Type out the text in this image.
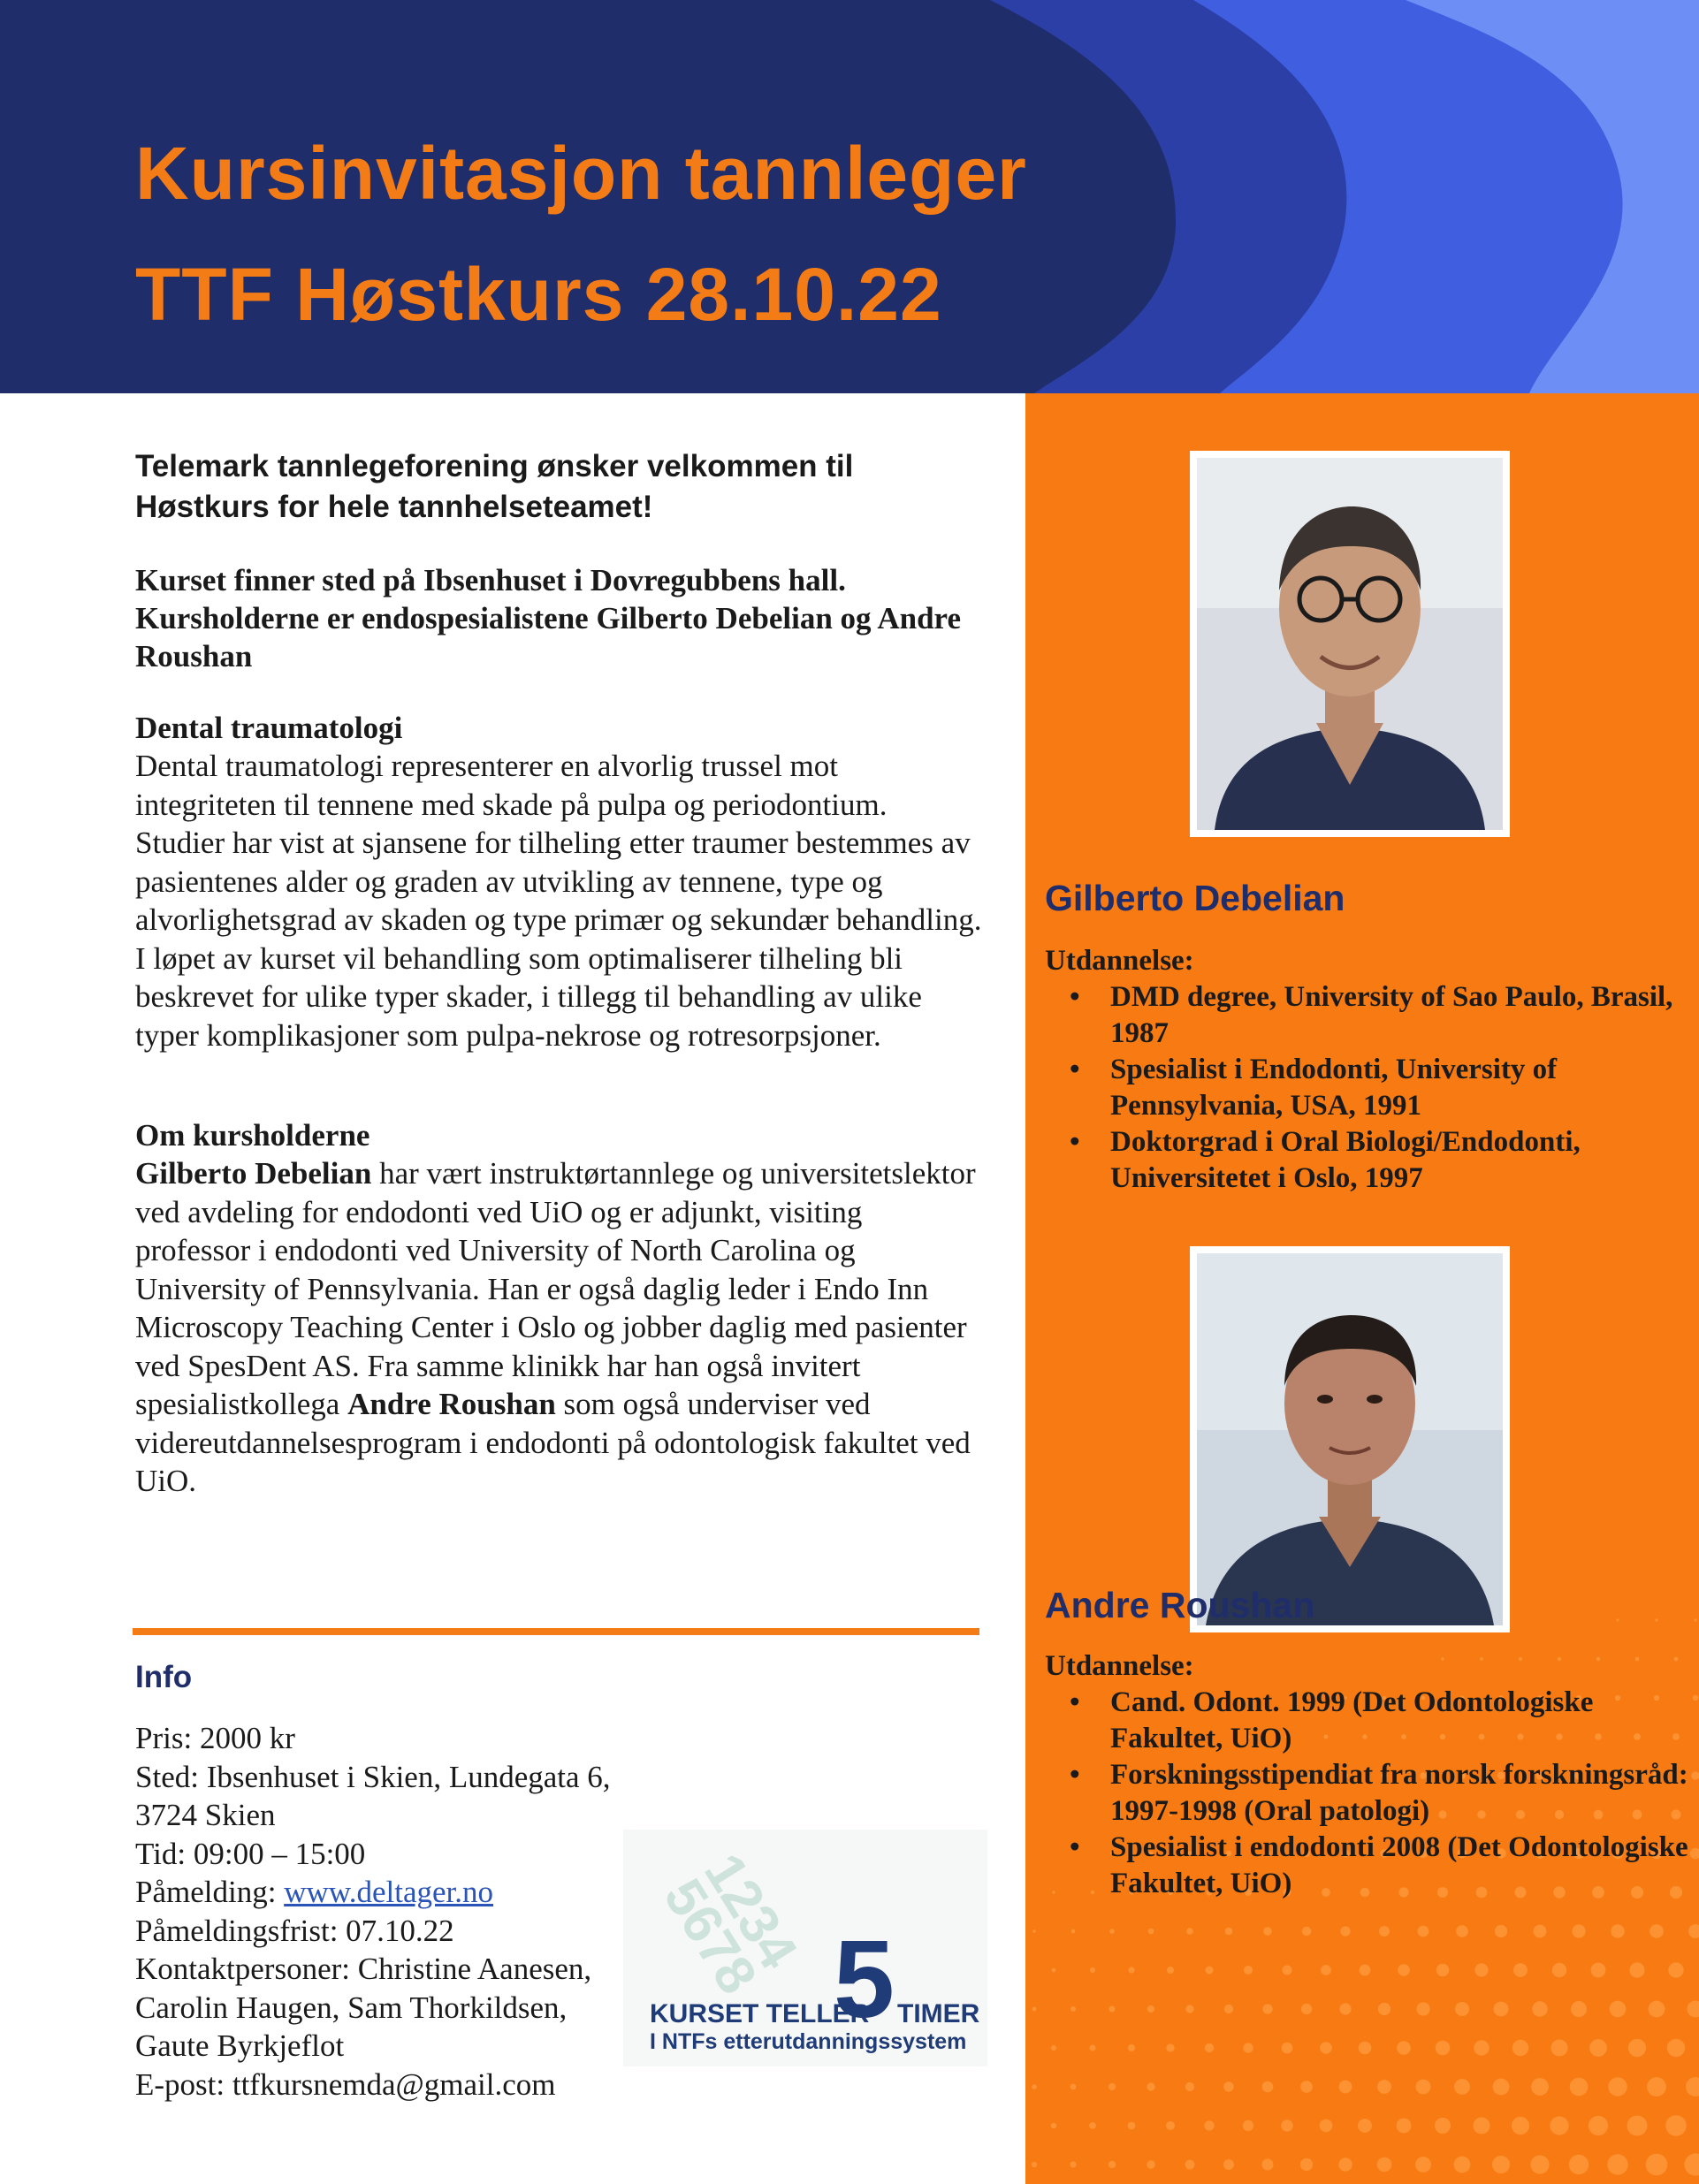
Kursinvitasjon tannleger
TTF Høstkurs 28.10.22

Telemark tannlegeforening ønsker velkommen til Høstkurs for hele tannhelseteamet!

Kurset finner sted på Ibsenhuset i Dovregubbens hall. Kursholderne er endospesialistene Gilberto Debelian og Andre Roushan

Dental traumatologi

Dental traumatologi representerer en alvorlig trussel mot integriteten til tennene med skade på pulpa og periodontium. Studier har vist at sjansene for tilheling etter traumer bestemmes av pasientenes alder og graden av utvikling av tennene, type og alvorlighetsgrad av skaden og type primær og sekundær behandling. I løpet av kurset vil behandling som optimaliserer tilheling bli beskrevet for ulike typer skader, i tillegg til behandling av ulike typer komplikasjoner som pulpa-nekrose og rotresorpsjoner.

Om kursholderne

Gilberto Debelian har vært instruktørtannlege og universitetslektor ved avdeling for endodonti ved UiO og er adjunkt, visiting professor i endodonti ved University of North Carolina og University of Pennsylvania. Han er også daglig leder i Endo Inn Microscopy Teaching Center i Oslo og jobber daglig med pasienter ved SpesDent AS. Fra samme klinikk har han også invitert spesialistkollega Andre Roushan som også underviser ved videreutdannelsesprogram i endodonti på odontologisk fakultet ved UiO.

Info
Pris: 2000 kr
Sted: Ibsenhuset i Skien, Lundegata 6, 3724 Skien
Tid: 09:00 – 15:00
Påmelding: www.deltager.no
Påmeldingsfrist: 07.10.22
Kontaktpersoner: Christine Aanesen, Carolin Haugen, Sam Thorkildsen, Gaute Byrkjeflot
E-post: ttfkursnemda@gmail.com
1234
5678 5
KURSET TELLER TIMER
I NTFs etterutdanningssystem
Gilberto Debelian
Utdannelse:
• DMD degree, University of Sao Paulo, Brasil, 1987
• Spesialist i Endodonti, University of Pennsylvania, USA, 1991
• Doktorgrad i Oral Biologi/Endodonti, Universitetet i Oslo, 1997
Andre Roushan
Utdannelse:
• Cand. Odont. 1999 (Det Odontologiske Fakultet, UiO)
• Forskningsstipendiat fra norsk forskningsråd: 1997-1998 (Oral patologi)
• Spesialist i endodonti 2008 (Det Odontologiske Fakultet, UiO)
